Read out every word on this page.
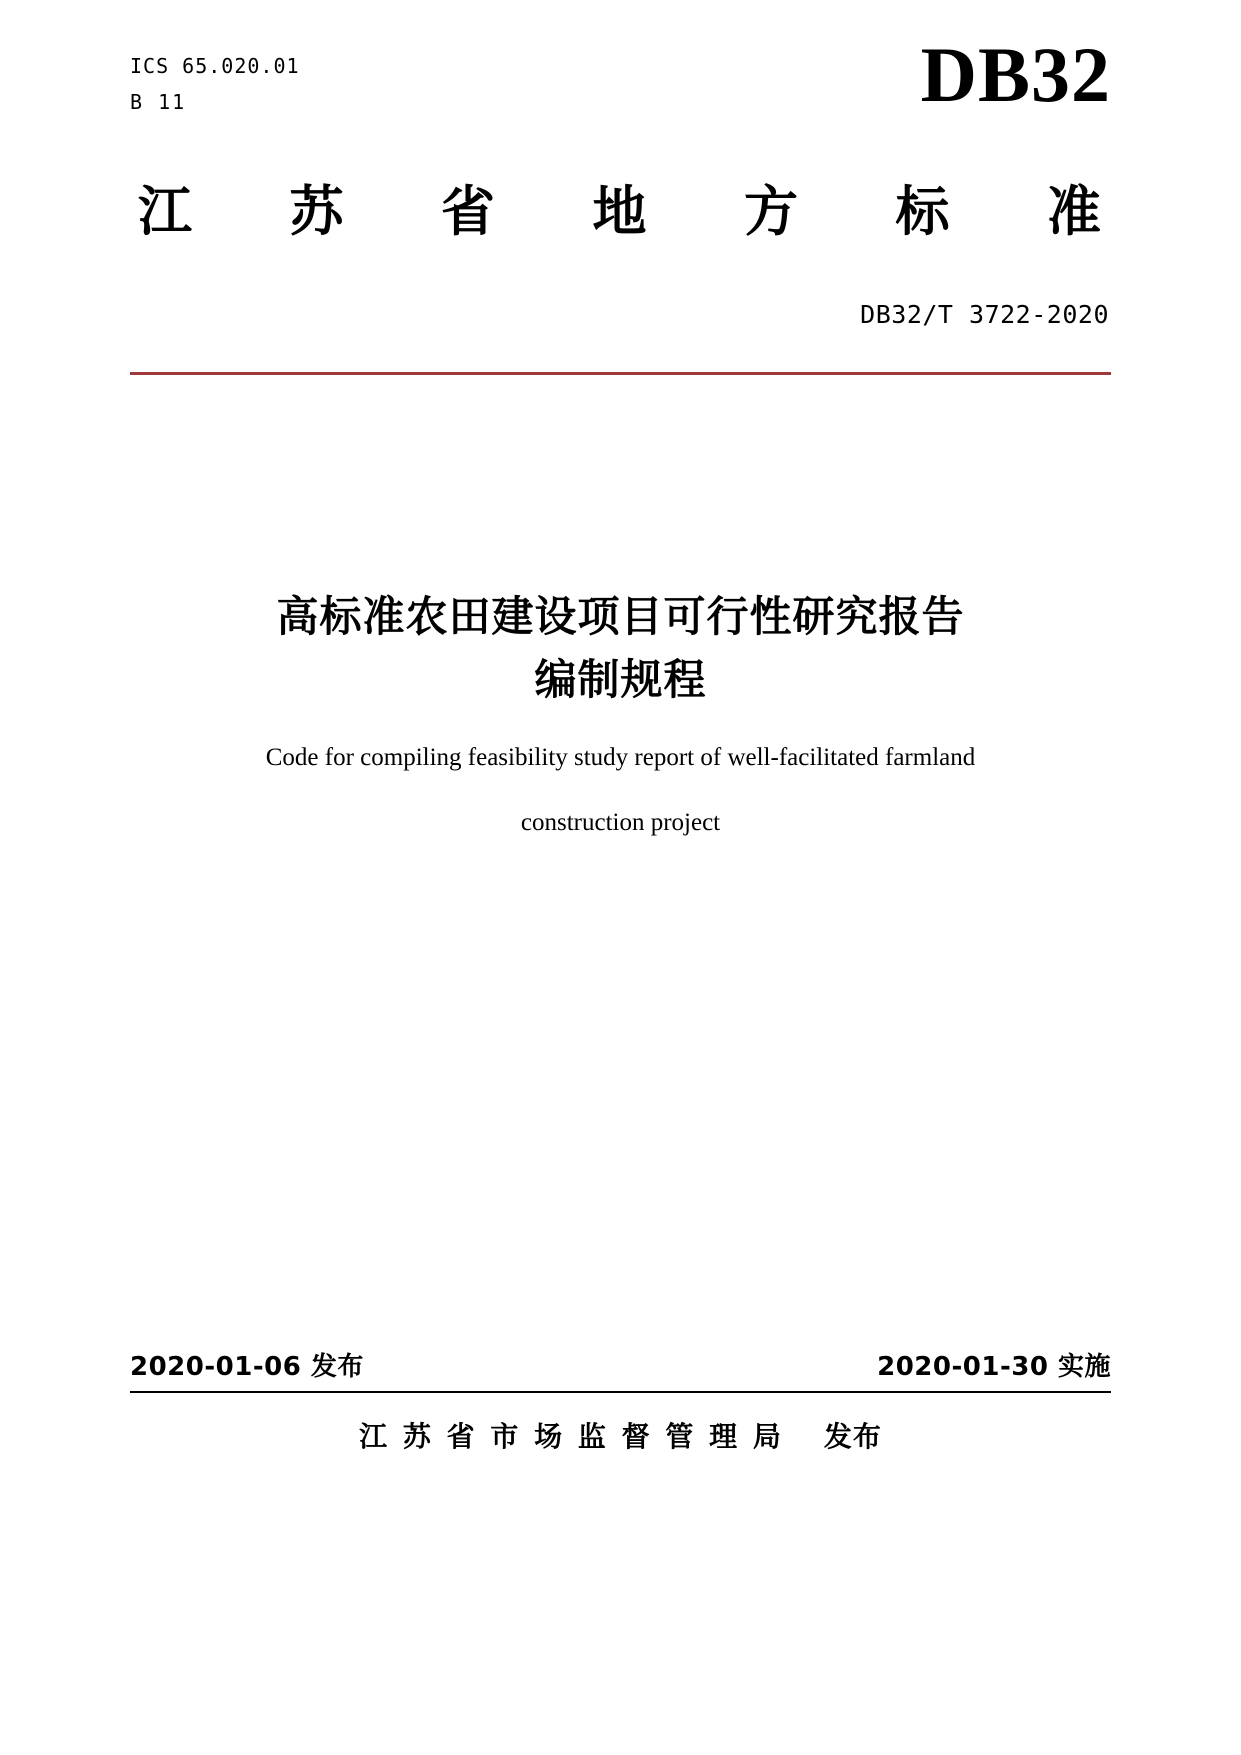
ICS 65.020.01
B 11	DB32
江 苏 省 地 方 标 准
DB32/T 3722-2020
高标准农田建设项目可行性研究报告
编制规程
Code for compiling feasibility study report of well-facilitated farmland
construction project
2020-01-06 发布	2020-01-30 实施
江 苏 省 市 场 监 督 管 理 局 发布
